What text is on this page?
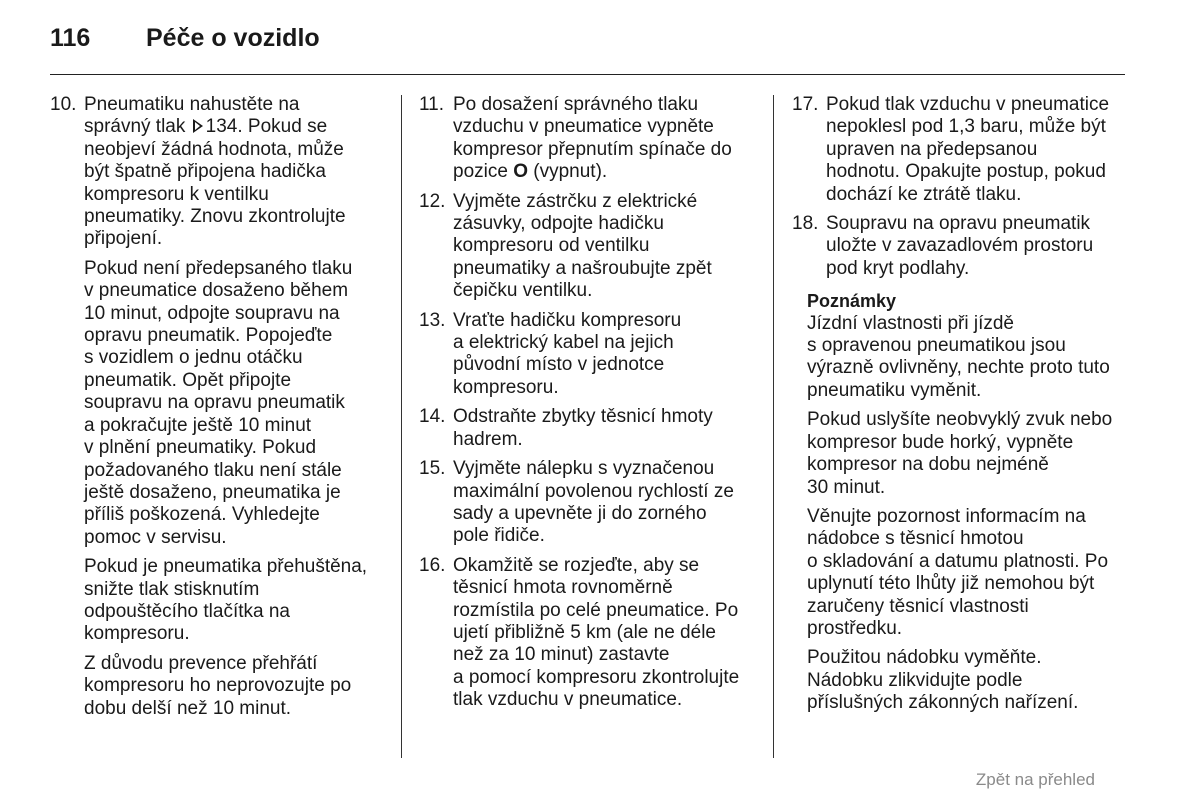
116 Péče o vozidlo
10. Pneumatiku nahustěte na
správný tlak 134. Pokud se
neobjeví žádná hodnota, může
být špatně připojena hadička
kompresoru k ventilku
pneumatiky. Znovu zkontrolujte
připojení.
Pokud není předepsaného tlaku
v pneumatice dosaženo během
10 minut, odpojte soupravu na
opravu pneumatik. Popojeďte
s vozidlem o jednu otáčku
pneumatik. Opět připojte
soupravu na opravu pneumatik
a pokračujte ještě 10 minut
v plnění pneumatiky. Pokud
požadovaného tlaku není stále
ještě dosaženo, pneumatika je
příliš poškozená. Vyhledejte
pomoc v servisu.
Pokud je pneumatika přehuštěna,
snižte tlak stisknutím
odpouštěcího tlačítka na
kompresoru.
Z důvodu prevence přehřátí
kompresoru ho neprovozujte po
dobu delší než 10 minut.
11. Po dosažení správného tlaku
vzduchu v pneumatice vypněte
kompresor přepnutím spínače do
pozice O (vypnut).
12. Vyjměte zástrčku z elektrické
zásuvky, odpojte hadičku
kompresoru od ventilku
pneumatiky a našroubujte zpět
čepičku ventilku.
13. Vraťte hadičku kompresoru
a elektrický kabel na jejich
původní místo v jednotce
kompresoru.
14. Odstraňte zbytky těsnicí hmoty
hadrem.
15. Vyjměte nálepku s vyznačenou
maximální povolenou rychlostí ze
sady a upevněte ji do zorného
pole řidiče.
16. Okamžitě se rozjeďte, aby se
těsnicí hmota rovnoměrně
rozmístila po celé pneumatice. Po
ujetí přibližně 5 km (ale ne déle
než za 10 minut) zastavte
a pomocí kompresoru zkontrolujte
tlak vzduchu v pneumatice.
17. Pokud tlak vzduchu v pneumatice
nepoklesl pod 1,3 baru, může být
upraven na předepsanou
hodnotu. Opakujte postup, pokud
dochází ke ztrátě tlaku.
18. Soupravu na opravu pneumatik
uložte v zavazadlovém prostoru
pod kryt podlahy.
Poznámky
Jízdní vlastnosti při jízdě
s opravenou pneumatikou jsou
výrazně ovlivněny, nechte proto tuto
pneumatiku vyměnit.
Pokud uslyšíte neobvyklý zvuk nebo
kompresor bude horký, vypněte
kompresor na dobu nejméně
30 minut.
Věnujte pozornost informacím na
nádobce s těsnicí hmotou
o skladování a datumu platnosti. Po
uplynutí této lhůty již nemohou být
zaručeny těsnicí vlastnosti
prostředku.
Použitou nádobku vyměňte.
Nádobku zlikvidujte podle
příslušných zákonných nařízení.
Zpět na přehled
